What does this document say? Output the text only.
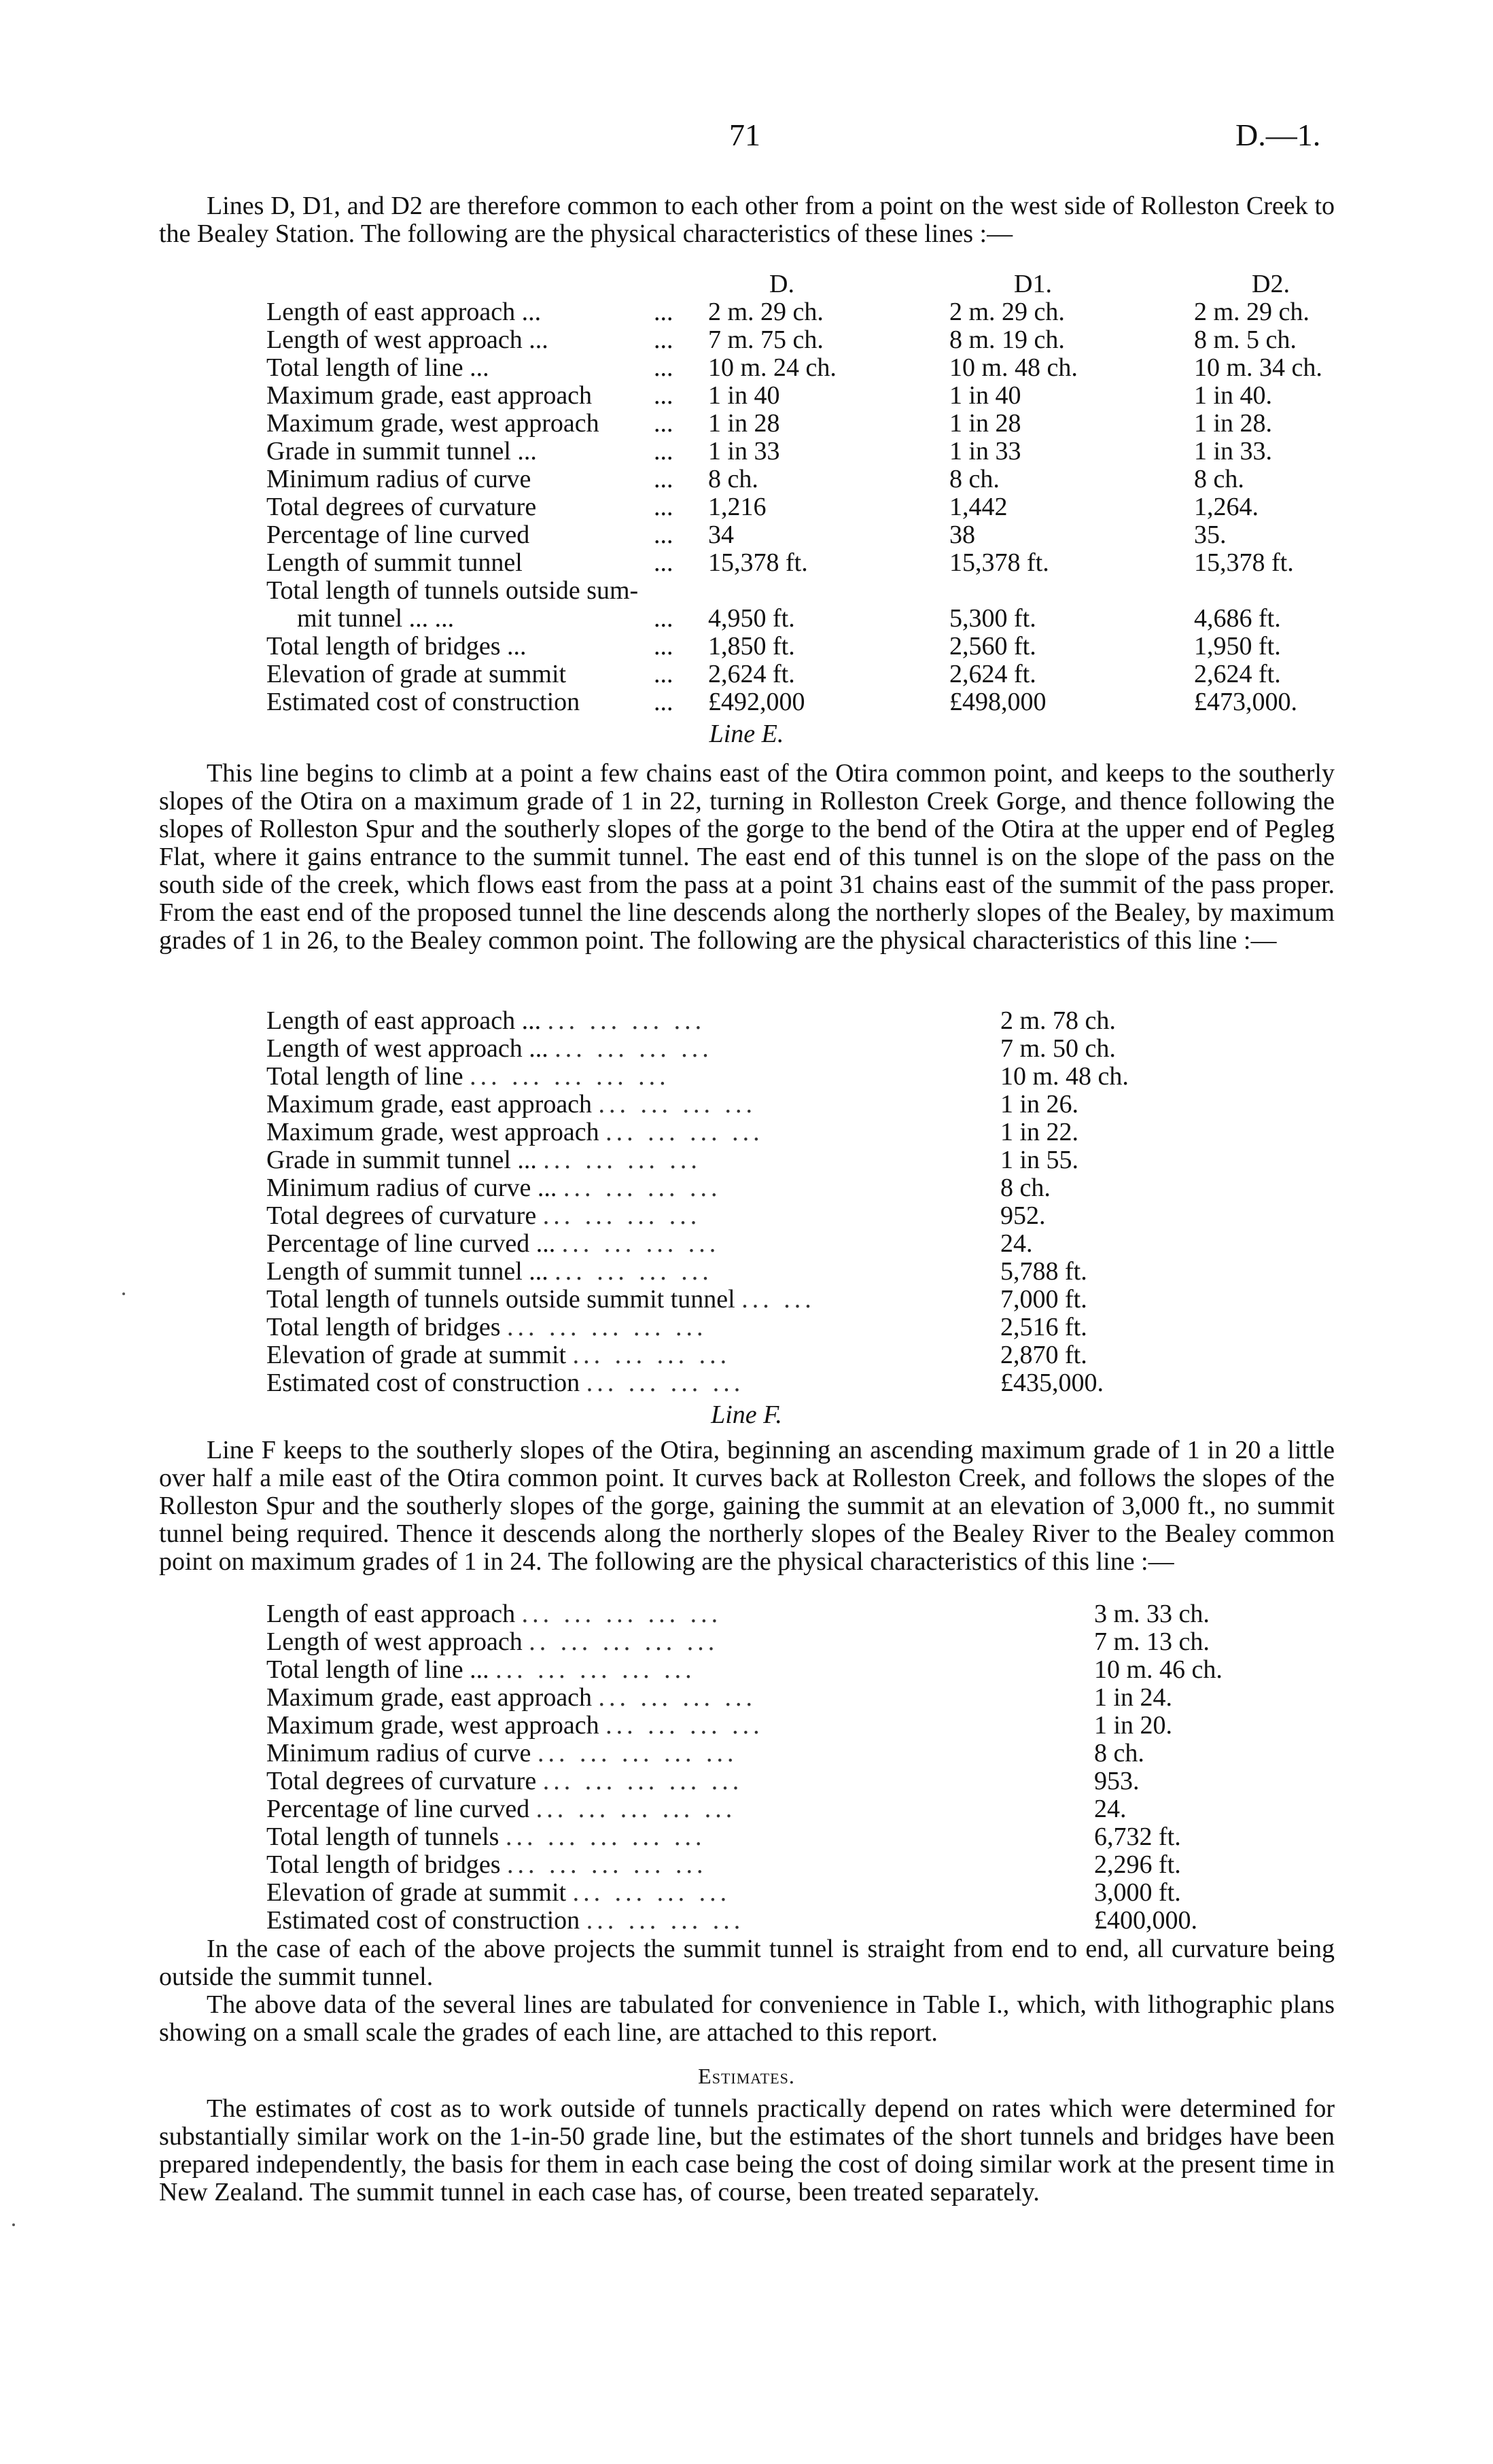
71	D.—1.

Lines D, D1, and D2 are therefore common to each other from a point on the west side of Rolleston Creek to the Bealey Station. The following are the physical characteristics of these lines :—

		D.	D1.	D2.
Length of east approach ...	...	2 m. 29 ch.	2 m. 29 ch.	2 m. 29 ch.
Length of west approach ...	...	7 m. 75 ch.	8 m. 19 ch.	8 m. 5 ch.
Total length of line ...	...	10 m. 24 ch.	10 m. 48 ch.	10 m. 34 ch.
Maximum grade, east approach	...	1 in 40	1 in 40	1 in 40.
Maximum grade, west approach	...	1 in 28	1 in 28	1 in 28.
Grade in summit tunnel ...	...	1 in 33	1 in 33	1 in 33.
Minimum radius of curve	...	8 ch.	8 ch.	8 ch.
Total degrees of curvature	...	1,216	1,442	1,264.
Percentage of line curved	...	34	38	35.
Length of summit tunnel	...	15,378 ft.	15,378 ft.	15,378 ft.
Total length of tunnels outside sum-				
mit tunnel ... ...	...	4,950 ft.	5,300 ft.	4,686 ft.
Total length of bridges ...	...	1,850 ft.	2,560 ft.	1,950 ft.
Elevation of grade at summit	...	2,624 ft.	2,624 ft.	2,624 ft.
Estimated cost of construction	...	£492,000	£498,000	£473,000.
Line E.

This line begins to climb at a point a few chains east of the Otira common point, and keeps to the southerly slopes of the Otira on a maximum grade of 1 in 22, turning in Rolleston Creek Gorge, and thence following the slopes of Rolleston Spur and the southerly slopes of the gorge to the bend of the Otira at the upper end of Pegleg Flat, where it gains entrance to the summit tunnel. The east end of this tunnel is on the slope of the pass on the south side of the creek, which flows east from the pass at a point 31 chains east of the summit of the pass proper. From the east end of the proposed tunnel the line descends along the northerly slopes of the Bealey, by maximum grades of 1 in 26, to the Bealey common point. The following are the physical characteristics of this line :—

Length of east approach ... ... ... ... ...	2 m. 78 ch.
Length of west approach ... ... ... ... ...	7 m. 50 ch.
Total length of line ... ... ... ... ...	10 m. 48 ch.
Maximum grade, east approach ... ... ... ...	1 in 26.
Maximum grade, west approach ... ... ... ...	1 in 22.
Grade in summit tunnel ... ... ... ... ...	1 in 55.
Minimum radius of curve ... ... ... ... ...	8 ch.
Total degrees of curvature ... ... ... ...	952.
Percentage of line curved ... ... ... ... ...	24.
Length of summit tunnel ... ... ... ... ...	5,788 ft.
Total length of tunnels outside summit tunnel ... ...	7,000 ft.
Total length of bridges ... ... ... ... ...	2,516 ft.
Elevation of grade at summit ... ... ... ...	2,870 ft.
Estimated cost of construction ... ... ... ...	£435,000.
Line F.

Line F keeps to the southerly slopes of the Otira, beginning an ascending maximum grade of 1 in 20 a little over half a mile east of the Otira common point. It curves back at Rolleston Creek, and follows the slopes of the Rolleston Spur and the southerly slopes of the gorge, gaining the summit at an elevation of 3,000 ft., no summit tunnel being required. Thence it descends along the northerly slopes of the Bealey River to the Bealey common point on maximum grades of 1 in 24. The following are the physical characteristics of this line :—

Length of east approach ... ... ... ... ...	3 m. 33 ch.
Length of west approach .. ... ... ... ...	7 m. 13 ch.
Total length of line ... ... ... ... ... ...	10 m. 46 ch.
Maximum grade, east approach ... ... ... ...	1 in 24.
Maximum grade, west approach ... ... ... ...	1 in 20.
Minimum radius of curve ... ... ... ... ...	8 ch.
Total degrees of curvature ... ... ... ... ...	953.
Percentage of line curved ... ... ... ... ...	24.
Total length of tunnels ... ... ... ... ...	6,732 ft.
Total length of bridges ... ... ... ... ...	2,296 ft.
Elevation of grade at summit ... ... ... ...	3,000 ft.
Estimated cost of construction ... ... ... ...	£400,000.

In the case of each of the above projects the summit tunnel is straight from end to end, all curvature being outside the summit tunnel.

The above data of the several lines are tabulated for convenience in Table I., which, with lithographic plans showing on a small scale the grades of each line, are attached to this report.

Estimates.

The estimates of cost as to work outside of tunnels practically depend on rates which were determined for substantially similar work on the 1-in-50 grade line, but the estimates of the short tunnels and bridges have been prepared independently, the basis for them in each case being the cost of doing similar work at the present time in New Zealand. The summit tunnel in each case has, of course, been treated separately.
